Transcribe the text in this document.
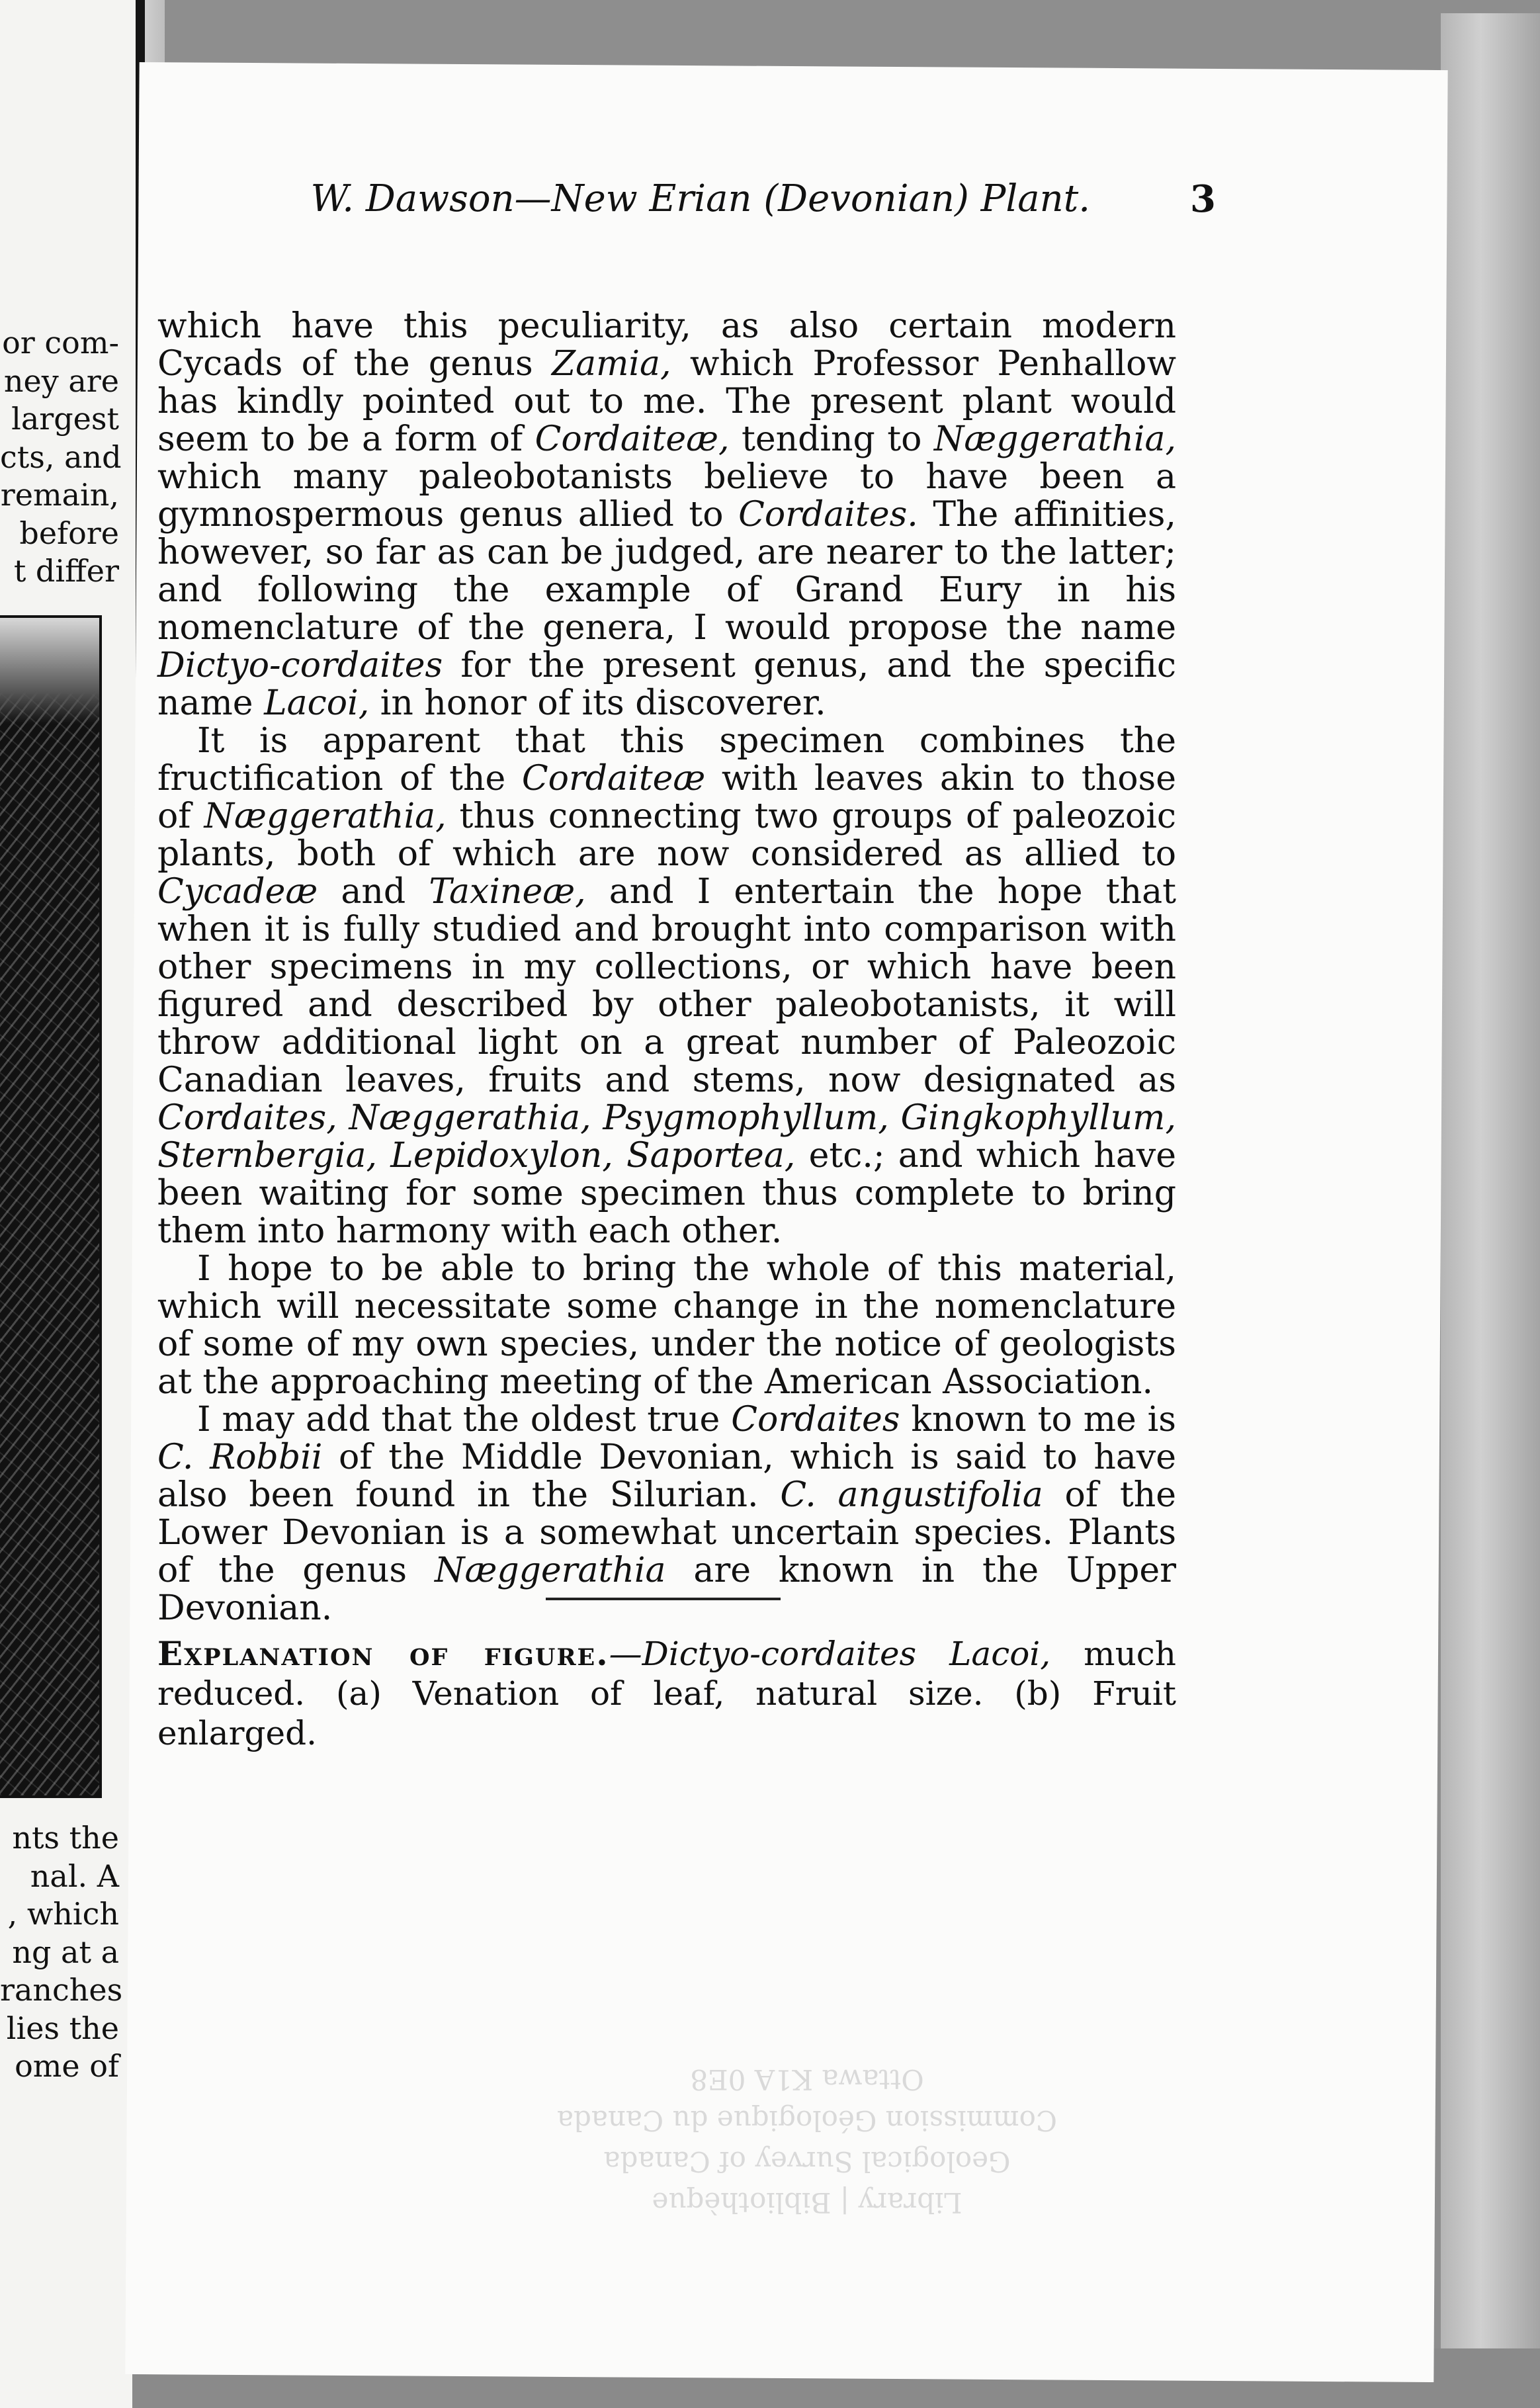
or com-
ney are
largest
cts, and
remain,
before
t differ
nts the
nal. A
, which
ng at a
ranches
lies the
ome of
W. Dawson—New Erian (Devonian) Plant.	3

which have this peculiarity, as also certain modern Cycads of the genus Zamia, which Professor Penhallow has kindly pointed out to me. The present plant would seem to be a form of Cordaiteæ, tending to Næggerathia, which many paleobotanists believe to have been a gymnospermous genus allied to Cordaites. The affinities, however, so far as can be judged, are nearer to the latter; and following the example of Grand Eury in his nomenclature of the genera, I would propose the name Dictyo-cordaites for the present genus, and the specific name Lacoi, in honor of its discoverer.

It is apparent that this specimen combines the fructification of the Cordaiteæ with leaves akin to those of Næggerathia, thus connecting two groups of paleozoic plants, both of which are now considered as allied to Cycadeæ and Taxineæ, and I entertain the hope that when it is fully studied and brought into comparison with other specimens in my collections, or which have been figured and described by other paleobotanists, it will throw additional light on a great number of Paleozoic Canadian leaves, fruits and stems, now designated as Cordaites, Næggerathia, Psygmophyllum, Gingkophyllum, Sternbergia, Lepidoxylon, Saportea, etc.; and which have been waiting for some specimen thus complete to bring them into harmony with each other.

I hope to be able to bring the whole of this material, which will necessitate some change in the nomenclature of some of my own species, under the notice of geologists at the approaching meeting of the American Association.

I may add that the oldest true Cordaites known to me is C. Robbii of the Middle Devonian, which is said to have also been found in the Silurian. C. angustifolia of the Lower Devonian is a somewhat uncertain species. Plants of the genus Næggerathia are known in the Upper Devonian.

Explanation of figure.—Dictyo-cordaites Lacoi, much reduced. (a) Venation of leaf, natural size. (b) Fruit enlarged.
Library | Bibliothèque
Geological Survey of Canada
Commission Géologique du Canada
Ottawa K1A 0E8
